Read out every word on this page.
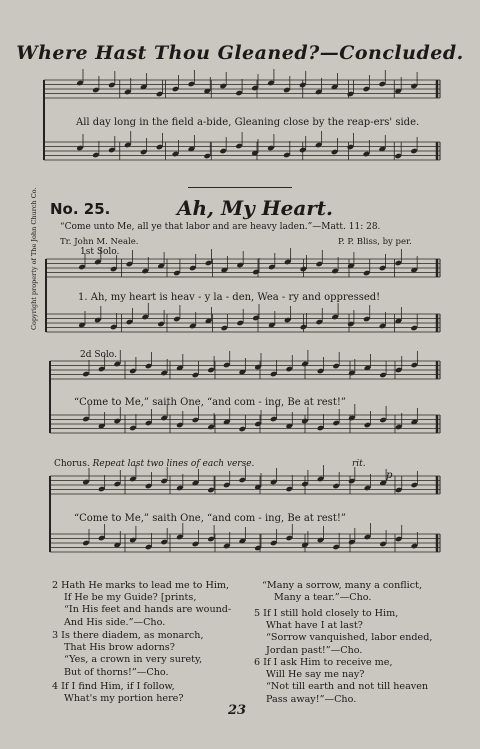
Where Hast Thou Gleaned?—Concluded.
All day long in the field a-bide, Gleaning close by the reap-ers' side.
No. 25.	Ah, My Heart.
“Come unto Me, all ye that labor and are heavy laden.”—Matt. 11: 28.
Tr. John M. Neale.	P. P. Bliss, by per.
1st Solo.
1. Ah, my heart is heav - y la - den, Wea - ry and oppressed!
2d Solo.
“Come to Me,” saith One, “and com - ing, Be at rest!”
Chorus. Repeat last two lines of each verse.	rit.
p
“Come to Me,” saith One, “and com - ing, Be at rest!”
Copyright property of The John Church Co.
2 Hath He marks to lead me to Him,
If He be my Guide? [prints,
“In His feet and hands are wound-
And His side.”—Cho.
3 Is there diadem, as monarch,
That His brow adorns?
“Yes, a crown in very surety,
But of thorns!”—Cho.
4 If I find Him, if I follow,
What's my portion here?
“Many a sorrow, many a conflict,
Many a tear.”—Cho.
5 If I still hold closely to Him,
What have I at last?
“Sorrow vanquished, labor ended,
Jordan past!”—Cho.
6 If I ask Him to receive me,
Will He say me nay?
“Not till earth and not till heaven
Pass away!”—Cho.
23
